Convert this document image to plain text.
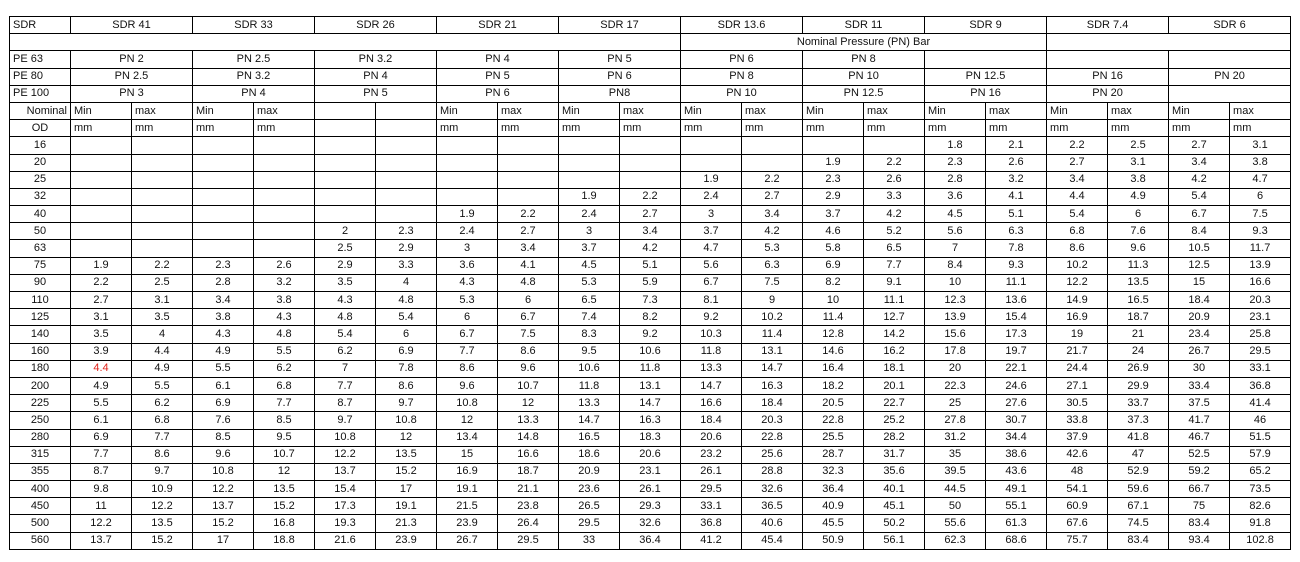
SDR	SDR 41		SDR 33		SDR 26		SDR 21		SDR 17		SDR 13.6		SDR 11		SDR 9		SDR 7.4		SDR 6	
											Nominal Pressure (PN) Bar									
PE 63	PN 2		PN 2.5		PN 3.2		PN 4		PN 5		PN 6		PN 8							
PE 80	PN 2.5		PN 3.2		PN 4		PN 5		PN 6		PN 8		PN 10		PN 12.5		PN 16		PN 20	
PE 100	PN 3		PN 4		PN 5		PN 6		PN8		PN 10		PN 12.5		PN 16		PN 20			
Nominal	Min	max	Min	max			Min	max	Min	max	Min	max	Min	max	Min	max	Min	max	Min	max
OD	mm	mm	mm	mm			mm	mm	mm	mm	mm	mm	mm	mm	mm	mm	mm	mm	mm	mm
16															1.8	2.1	2.2	2.5	2.7	3.1
20													1.9	2.2	2.3	2.6	2.7	3.1	3.4	3.8
25											1.9	2.2	2.3	2.6	2.8	3.2	3.4	3.8	4.2	4.7
32									1.9	2.2	2.4	2.7	2.9	3.3	3.6	4.1	4.4	4.9	5.4	6
40							1.9	2.2	2.4	2.7	3	3.4	3.7	4.2	4.5	5.1	5.4	6	6.7	7.5
50					2	2.3	2.4	2.7	3	3.4	3.7	4.2	4.6	5.2	5.6	6.3	6.8	7.6	8.4	9.3
63					2.5	2.9	3	3.4	3.7	4.2	4.7	5.3	5.8	6.5	7	7.8	8.6	9.6	10.5	11.7
75	1.9	2.2	2.3	2.6	2.9	3.3	3.6	4.1	4.5	5.1	5.6	6.3	6.9	7.7	8.4	9.3	10.2	11.3	12.5	13.9
90	2.2	2.5	2.8	3.2	3.5	4	4.3	4.8	5.3	5.9	6.7	7.5	8.2	9.1	10	11.1	12.2	13.5	15	16.6
110	2.7	3.1	3.4	3.8	4.3	4.8	5.3	6	6.5	7.3	8.1	9	10	11.1	12.3	13.6	14.9	16.5	18.4	20.3
125	3.1	3.5	3.8	4.3	4.8	5.4	6	6.7	7.4	8.2	9.2	10.2	11.4	12.7	13.9	15.4	16.9	18.7	20.9	23.1
140	3.5	4	4.3	4.8	5.4	6	6.7	7.5	8.3	9.2	10.3	11.4	12.8	14.2	15.6	17.3	19	21	23.4	25.8
160	3.9	4.4	4.9	5.5	6.2	6.9	7.7	8.6	9.5	10.6	11.8	13.1	14.6	16.2	17.8	19.7	21.7	24	26.7	29.5
180	4.4	4.9	5.5	6.2	7	7.8	8.6	9.6	10.6	11.8	13.3	14.7	16.4	18.1	20	22.1	24.4	26.9	30	33.1
200	4.9	5.5	6.1	6.8	7.7	8.6	9.6	10.7	11.8	13.1	14.7	16.3	18.2	20.1	22.3	24.6	27.1	29.9	33.4	36.8
225	5.5	6.2	6.9	7.7	8.7	9.7	10.8	12	13.3	14.7	16.6	18.4	20.5	22.7	25	27.6	30.5	33.7	37.5	41.4
250	6.1	6.8	7.6	8.5	9.7	10.8	12	13.3	14.7	16.3	18.4	20.3	22.8	25.2	27.8	30.7	33.8	37.3	41.7	46
280	6.9	7.7	8.5	9.5	10.8	12	13.4	14.8	16.5	18.3	20.6	22.8	25.5	28.2	31.2	34.4	37.9	41.8	46.7	51.5
315	7.7	8.6	9.6	10.7	12.2	13.5	15	16.6	18.6	20.6	23.2	25.6	28.7	31.7	35	38.6	42.6	47	52.5	57.9
355	8.7	9.7	10.8	12	13.7	15.2	16.9	18.7	20.9	23.1	26.1	28.8	32.3	35.6	39.5	43.6	48	52.9	59.2	65.2
400	9.8	10.9	12.2	13.5	15.4	17	19.1	21.1	23.6	26.1	29.5	32.6	36.4	40.1	44.5	49.1	54.1	59.6	66.7	73.5
450	11	12.2	13.7	15.2	17.3	19.1	21.5	23.8	26.5	29.3	33.1	36.5	40.9	45.1	50	55.1	60.9	67.1	75	82.6
500	12.2	13.5	15.2	16.8	19.3	21.3	23.9	26.4	29.5	32.6	36.8	40.6	45.5	50.2	55.6	61.3	67.6	74.5	83.4	91.8
560	13.7	15.2	17	18.8	21.6	23.9	26.7	29.5	33	36.4	41.2	45.4	50.9	56.1	62.3	68.6	75.7	83.4	93.4	102.8
